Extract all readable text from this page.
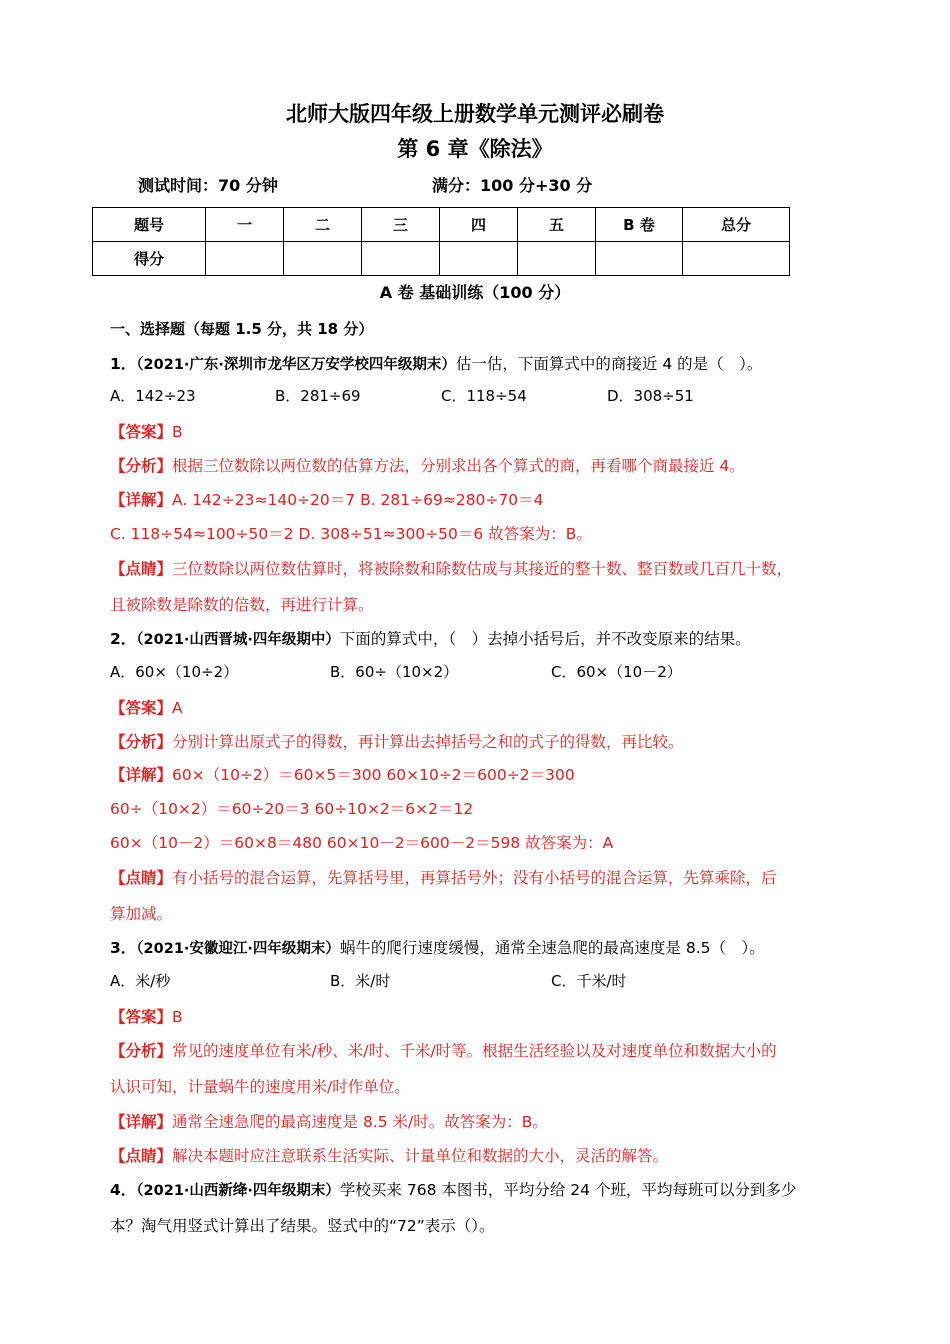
北师大版四年级上册数学单元测评必刷卷
第 6 章《除法》
测试时间：70 分钟	满分：100 分+30 分
题号	一	二	三	四	五	B 卷	总分
得分							
A 卷 基础训练（100 分）
一、选择题（每题 1.5 分，共 18 分）
1．（2021·广东·深圳市龙华区万安学校四年级期末）估一估，下面算式中的商接近 4 的是（　）。
A．142÷23	B．281÷69	C．118÷54	D．308÷51
【答案】B
【分析】根据三位数除以两位数的估算方法，分别求出各个算式的商，再看哪个商最接近 4。
【详解】A. 142÷23≈140÷20＝7 B. 281÷69≈280÷70＝4
C. 118÷54≈100÷50＝2 D. 308÷51≈300÷50＝6 故答案为：B。
【点睛】三位数除以两位数估算时，将被除数和除数估成与其接近的整十数、整百数或几百几十数，
且被除数是除数的倍数，再进行计算。
2．（2021·山西晋城·四年级期中）下面的算式中，（　）去掉小括号后，并不改变原来的结果。
A．60×（10÷2）	B．60÷（10×2）	C．60×（10－2）
【答案】A
【分析】分别计算出原式子的得数，再计算出去掉括号之和的式子的得数，再比较。
【详解】60×（10÷2）＝60×5＝300 60×10÷2＝600÷2＝300
60÷（10×2）＝60÷20＝3 60÷10×2＝6×2＝12
60×（10－2）＝60×8＝480 60×10－2＝600－2＝598 故答案为：A
【点睛】有小括号的混合运算，先算括号里，再算括号外；没有小括号的混合运算，先算乘除，后
算加减。
3．（2021·安徽迎江·四年级期末）蜗牛的爬行速度缓慢，通常全速急爬的最高速度是 8.5（　）。
A．米/秒	B．米/时	C．千米/时
【答案】B
【分析】常见的速度单位有米/秒、米/时、千米/时等。根据生活经验以及对速度单位和数据大小的
认识可知，计量蜗牛的速度用米/时作单位。
【详解】通常全速急爬的最高速度是 8.5 米/时。故答案为：B。
【点睛】解决本题时应注意联系生活实际、计量单位和数据的大小，灵活的解答。
4．（2021·山西新绛·四年级期末）学校买来 768 本图书，平均分给 24 个班，平均每班可以分到多少
本？淘气用竖式计算出了结果。竖式中的“72”表示（）。
